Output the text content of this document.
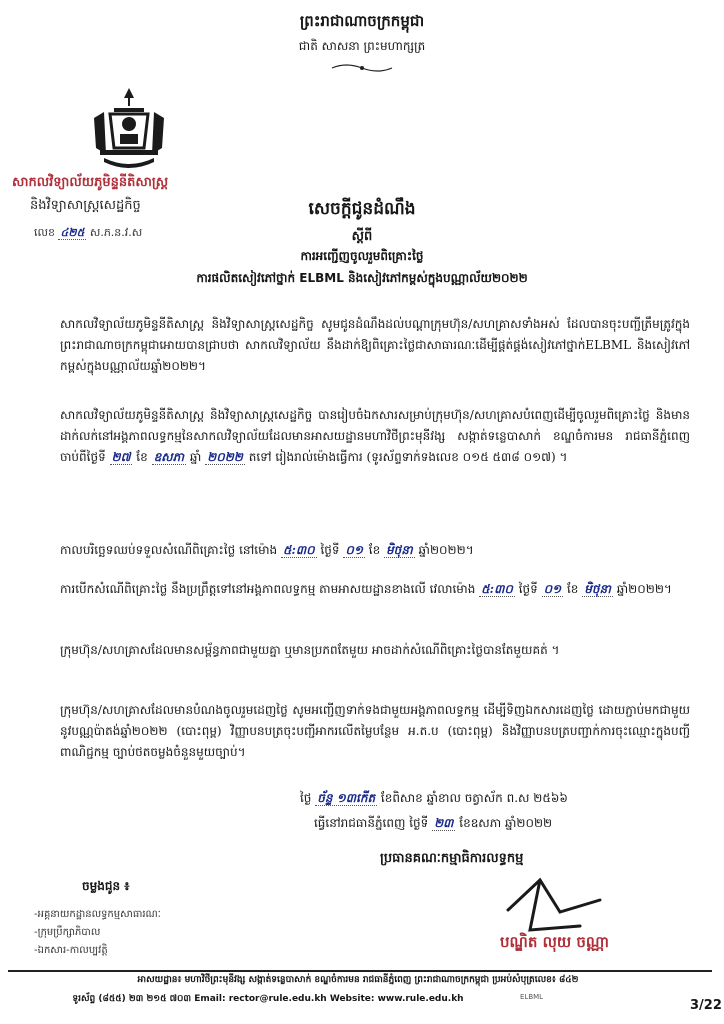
ព្រះរាជាណាចក្រកម្ពុជា
ជាតិ សាសនា ព្រះមហាក្សត្រ
សាកលវិទ្យាល័យភូមិន្ទនីតិសាស្ត្រ
និងវិទ្យាសាស្ត្រសេដ្ឋកិច្ច
លេខ ៤២៥ ស.ភ.ន.វ.ស
សេចក្តីជូនដំណឹង
ស្តីពី
ការអញ្ជើញចូលរួមពិគ្រោះថ្លៃ
ការផលិតសៀវភៅថ្នាក់ ELBML និងសៀវភៅកម្ពស់ក្នុងបណ្ណាល័យ២០២២
សាកលវិទ្យាល័យភូមិន្ទនីតិសាស្ត្រ និងវិទ្យាសាស្ត្រសេដ្ឋកិច្ច សូមជូនដំណឹងដល់បណ្តាក្រុមហ៊ុន/សហគ្រាសទាំងអស់ ដែលបានចុះបញ្ជីត្រឹមត្រូវក្នុងព្រះរាជាណាចក្រកម្ពុជាអោយបានជ្រាបថា សាកលវិទ្យាល័យ នឹងដាក់ឱ្យពិគ្រោះថ្លៃជាសាធារណៈដើម្បីផ្គត់ផ្គង់សៀវភៅថ្នាក់ELBML និងសៀវភៅកម្ពស់ក្នុងបណ្ណាល័យឆ្នាំ២០២២។
សាកលវិទ្យាល័យភូមិន្ទនីតិសាស្ត្រ និងវិទ្យាសាស្ត្រសេដ្ឋកិច្ច បានរៀបចំឯកសារសម្រាប់ក្រុមហ៊ុន/សហគ្រាសបំពេញដើម្បីចូលរួមពិគ្រោះថ្លៃ និងមានដាក់លក់នៅអង្គភាពលទ្ធកម្មនៃសាកលវិទ្យាល័យដែលមានអាសយដ្ឋានមហាវិថីព្រះមុនីវង្ស សង្កាត់ទន្លេបាសាក់ ខណ្ឌចំការមន រាជធានីភ្នំពេញ ចាប់ពីថ្ងៃទី ២៧ ខែ ឧសភា ឆ្នាំ ២០២២ តទៅ រៀងរាល់ម៉ោងធ្វើការ (ទូរស័ព្ទទាក់ទងលេខ ០១៥ ៥៣៨ ០១៧) ។
កាលបរិច្ឆេទឈប់ទទួលសំណើពិគ្រោះថ្លៃ នៅម៉ោង ៥:៣០ ថ្ងៃទី ០១ ខែ មិថុនា ឆ្នាំ២០២២។
ការបើកសំណើពិគ្រោះថ្លៃ នឹងប្រព្រឹត្តទៅនៅអង្គភាពលទ្ធកម្ម តាមអាសយដ្ឋានខាងលើ វេលាម៉ោង ៥:៣០ ថ្ងៃទី ០១ ខែ មិថុនា ឆ្នាំ២០២២។
ក្រុមហ៊ុន/សហគ្រាសដែលមានសម្ព័ន្ធភាពជាមួយគ្នា ឬមានប្រភពតែមួយ អាចដាក់សំណើពិគ្រោះថ្លៃបានតែមួយគត់ ។
ក្រុមហ៊ុន/សហគ្រាសដែលមានបំណងចូលរួមដេញថ្លៃ សូមអញ្ជើញទាក់ទងជាមួយអង្គភាពលទ្ធកម្ម ដើម្បីទិញឯកសារដេញថ្លៃ ដោយភ្ជាប់មកជាមួយនូវបណ្ណប៉ាតង់ឆ្នាំ២០២២ (បោះពុម្ព) វិញ្ញាបនបត្រចុះបញ្ជីអាករលើតម្លៃបន្ថែម អ.ត.ប (បោះពុម្ព) និងវិញ្ញាបនបត្របញ្ជាក់ការចុះឈ្មោះក្នុងបញ្ជីពាណិជ្ជកម្ម ច្បាប់ថតចម្លងចំនួនមួយច្បាប់។
ថ្ងៃ ច័ន្ទ ១៣កើត ខែពិសាខ ឆ្នាំខាល ចត្វាស័ក ព.ស ២៥៦៦
ធ្វើនៅរាជធានីភ្នំពេញ ថ្ងៃទី ២៣ ខែឧសភា ឆ្នាំ២០២២
ប្រធានគណៈកម្មាធិការលទ្ធកម្ម
បណ្ឌិត លុយ ចណ្ណា
ចម្លងជូន ៖
-អគ្គនាយកដ្ឋានលទ្ធកម្មសាធារណៈ
-ក្រុមប្រឹក្សាភិបាល
-ឯកសារ-កាលប្បវត្តិ
អាសយដ្ឋាន៖ មហាវិថីព្រះមុនីវង្ស សង្កាត់ទន្លេបាសាក់ ខណ្ឌចំការមន រាជធានីភ្នំពេញ ព្រះរាជាណាចក្រកម្ពុជា ប្រអប់សំបុត្រលេខ៖ ៨៤២
ទូរស័ព្ទ (៨៥៥) ២៣ ២១៥ ៧០៣ Email: rector@rule.edu.kh Website: www.rule.edu.kh	ELBML
3/22
